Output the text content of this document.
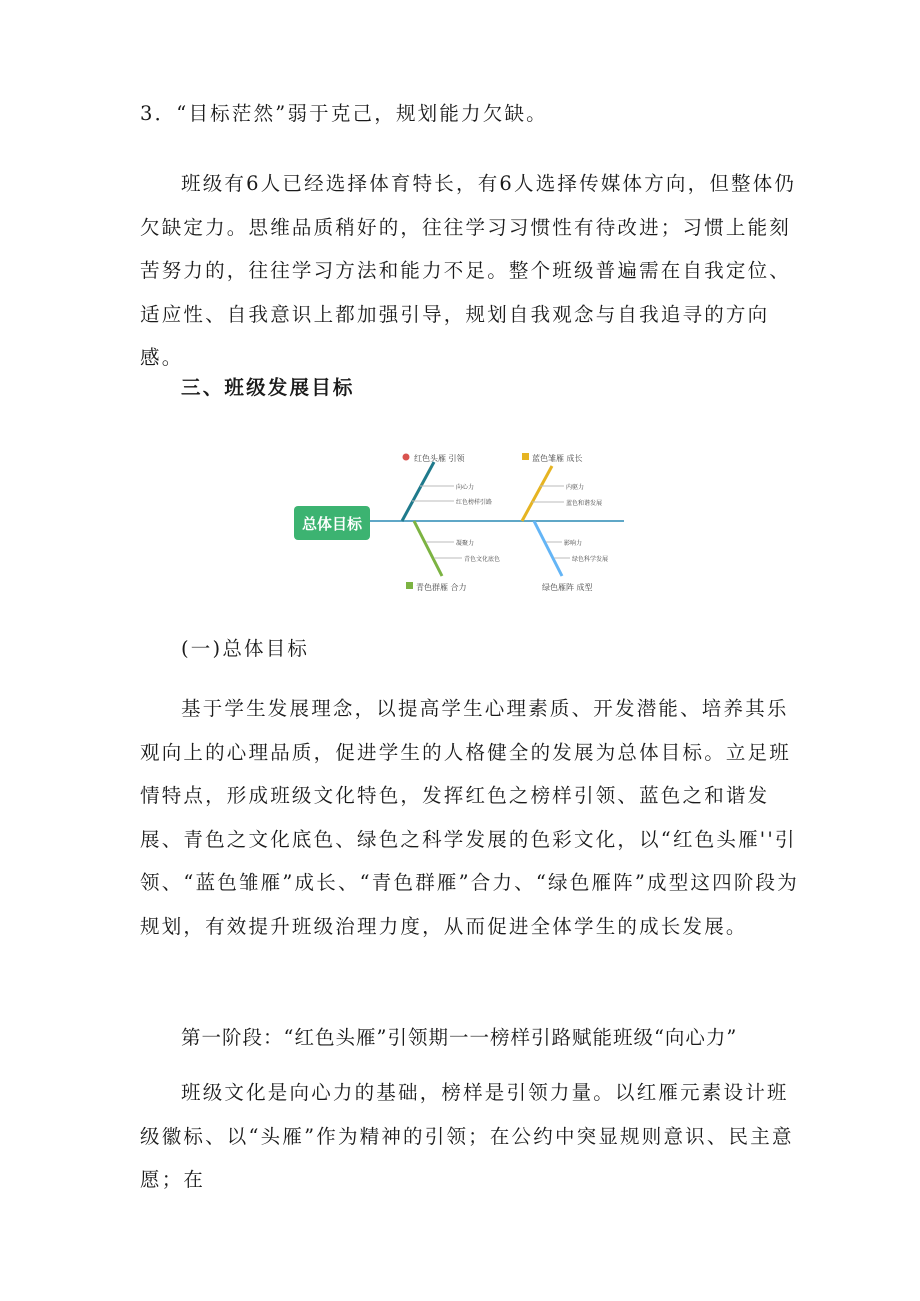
3．“目标茫然”弱于克己，规划能力欠缺。

班级有6人已经选择体育特长，有6人选择传媒体方向，但整体仍欠缺定力。思维品质稍好的，往往学习习惯性有待改进；习惯上能刻苦努力的，往往学习方法和能力不足。整个班级普遍需在自我定位、适应性、自我意识上都加强引导，规划自我观念与自我追寻的方向感。

三、班级发展目标

总体目标
红色头雁 引领
向心力
红色榜样引路
蓝色雏雁 成长
内驱力
蓝色和谐发展
青色群雁 合力
凝聚力
青色文化底色
绿色雁阵 成型
影响力
绿色科学发展

(一)总体目标

基于学生发展理念，以提高学生心理素质、开发潜能、培养其乐观向上的心理品质，促进学生的人格健全的发展为总体目标。立足班情特点，形成班级文化特色，发挥红色之榜样引领、蓝色之和谐发展、青色之文化底色、绿色之科学发展的色彩文化，以“红色头雁''引领、“蓝色雏雁”成长、“青色群雁”合力、“绿色雁阵”成型这四阶段为规划，有效提升班级治理力度，从而促进全体学生的成长发展。

第一阶段：“红色头雁”引领期一一榜样引路赋能班级“向心力”

班级文化是向心力的基础，榜样是引领力量。以红雁元素设计班级徽标、以“头雁”作为精神的引领；在公约中突显规则意识、民主意愿；在
